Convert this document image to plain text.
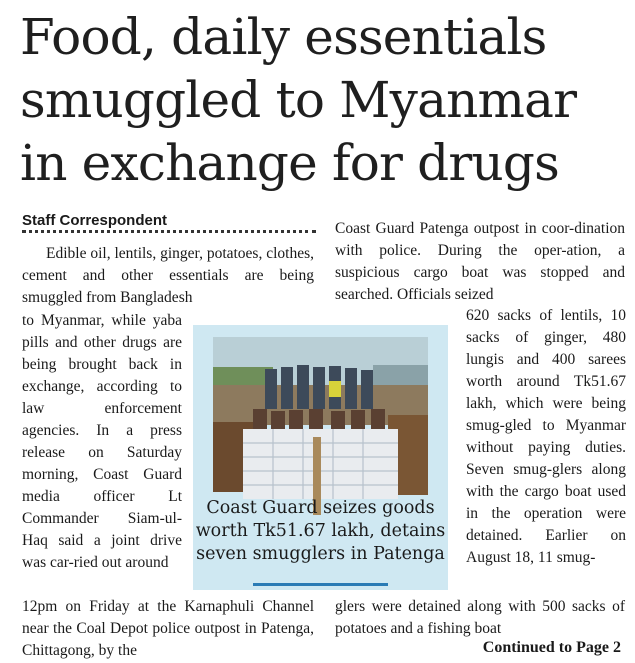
Food, daily essentials
smuggled to Myanmar
in exchange for drugs
Staff Correspondent

Edible oil, lentils, ginger, potatoes, clothes, cement and other essentials are being smuggled from Bangladesh

to Myanmar, while yaba pills and other drugs are being brought back in exchange, according to law enforcement agencies. In a press release on Saturday morning, Coast Guard media officer Lt Commander Siam-ul-Haq said a joint drive was car-ried out around

12pm on Friday at the Karnaphuli Channel near the Coal Depot police outpost in Patenga, Chittagong, by the

Coast Guard Patenga outpost in coor-dination with police. During the oper-ation, a suspicious cargo boat was stopped and searched. Officials seized

620 sacks of lentils, 10 sacks of ginger, 480 lungis and 400 sarees worth around Tk51.67 lakh, which were being smug-gled to Myanmar without paying duties. Seven smug-glers along with the cargo boat used in the operation were detained. Earlier on August 18, 11 smug-

glers were detained along with 500 sacks of potatoes and a fishing boat

Coast Guard seizes goods worth Tk51.67 lakh, detains seven smugglers in Patenga
Continued to Page 2
